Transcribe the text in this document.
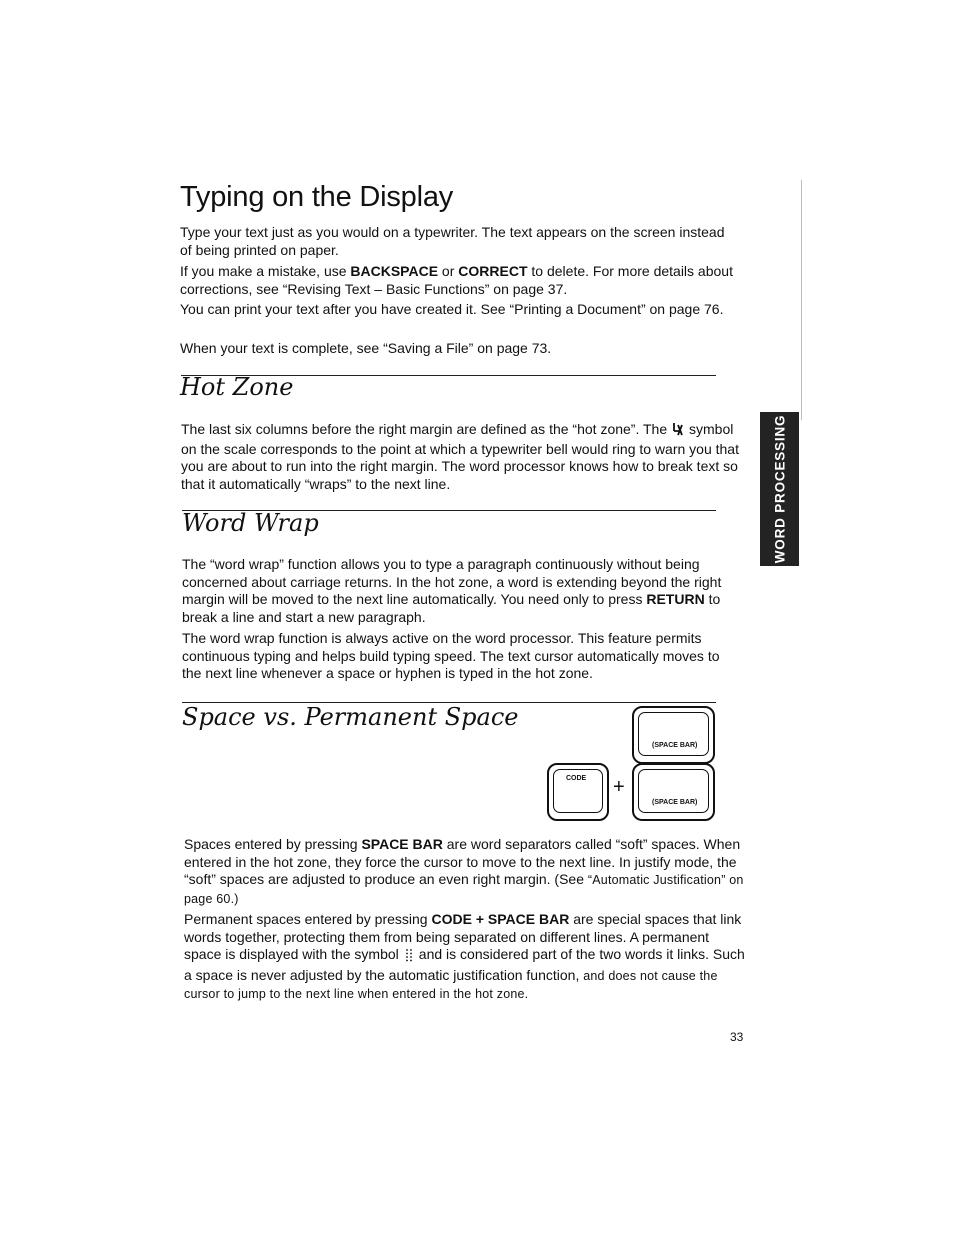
Typing on the Display

Type your text just as you would on a typewriter. The text appears on the screen instead of being printed on paper.

If you make a mistake, use BACKSPACE or CORRECT to delete. For more details about corrections, see “Revising Text – Basic Functions” on page 37.

You can print your text after you have created it. See “Printing a Document” on page 76.

When your text is complete, see “Saving a File” on page 73.

Hot Zone

The last six columns before the right margin are defined as the “hot zone”. The symbol on the scale corresponds to the point at which a typewriter bell would ring to warn you that you are about to run into the right margin. The word processor knows how to break text so that it automatically “wraps” to the next line.

Word Wrap

The “word wrap” function allows you to type a paragraph continuously without being concerned about carriage returns. In the hot zone, a word is extending beyond the right margin will be moved to the next line automatically. You need only to press RETURN to break a line and start a new paragraph.

The word wrap function is always active on the word processor. This feature permits continuous typing and helps build typing speed. The text cursor automatically moves to the next line whenever a space or hyphen is typed in the hot zone.

Space vs. Permanent Space
(SPACE BAR)
CODE +
(SPACE BAR)

Spaces entered by pressing SPACE BAR are word separators called “soft” spaces. When entered in the hot zone, they force the cursor to move to the next line. In justify mode, the “soft” spaces are adjusted to produce an even right margin. (See “Automatic Justification” on page 60.)

Permanent spaces entered by pressing CODE + SPACE BAR are special spaces that link words together, protecting them from being separated on different lines. A permanent space is displayed with the symbol and is considered part of the two words it links. Such a space is never adjusted by the automatic justification function, and does not cause the cursor to jump to the next line when entered in the hot zone.

WORD PROCESSING
33
